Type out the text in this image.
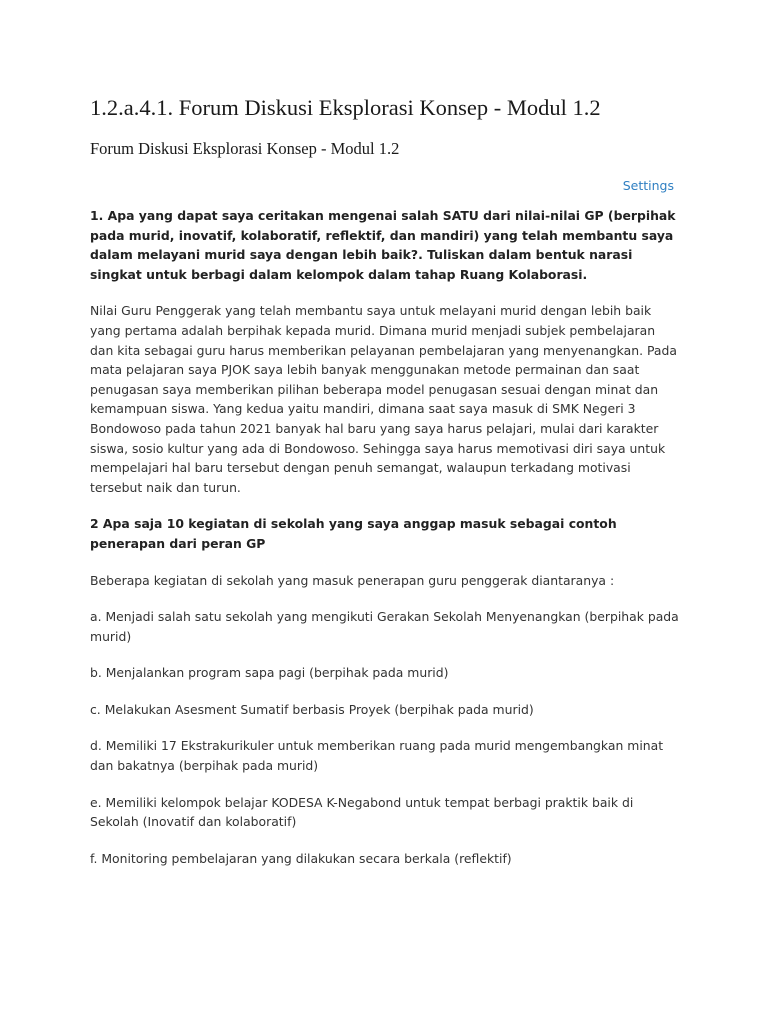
1.2.a.4.1. Forum Diskusi Eksplorasi Konsep - Modul 1.2
Forum Diskusi Eksplorasi Konsep - Modul 1.2
Settings

1. Apa yang dapat saya ceritakan mengenai salah SATU dari nilai-nilai GP (berpihak pada murid, inovatif, kolaboratif, reflektif, dan mandiri) yang telah membantu saya dalam melayani murid saya dengan lebih baik?. Tuliskan dalam bentuk narasi singkat untuk berbagi dalam kelompok dalam tahap Ruang Kolaborasi.

Nilai Guru Penggerak yang telah membantu saya untuk melayani murid dengan lebih baik yang pertama adalah berpihak kepada murid. Dimana murid menjadi subjek pembelajaran dan kita sebagai guru harus memberikan pelayanan pembelajaran yang menyenangkan. Pada mata pelajaran saya PJOK saya lebih banyak menggunakan metode permainan dan saat penugasan saya memberikan pilihan beberapa model penugasan sesuai dengan minat dan kemampuan siswa. Yang kedua yaitu mandiri, dimana saat saya masuk di SMK Negeri 3 Bondowoso pada tahun 2021 banyak hal baru yang saya harus pelajari, mulai dari karakter siswa, sosio kultur yang ada di Bondowoso. Sehingga saya harus memotivasi diri saya untuk mempelajari hal baru tersebut dengan penuh semangat, walaupun terkadang motivasi tersebut naik dan turun.

2 Apa saja 10 kegiatan di sekolah yang saya anggap masuk sebagai contoh penerapan dari peran GP

Beberapa kegiatan di sekolah yang masuk penerapan guru penggerak diantaranya :

a. Menjadi salah satu sekolah yang mengikuti Gerakan Sekolah Menyenangkan (berpihak pada murid)

b. Menjalankan program sapa pagi (berpihak pada murid)

c. Melakukan Asesment Sumatif berbasis Proyek (berpihak pada murid)

d. Memiliki 17 Ekstrakurikuler untuk memberikan ruang pada murid mengembangkan minat dan bakatnya (berpihak pada murid)

e. Memiliki kelompok belajar KODESA K-Negabond untuk tempat berbagi praktik baik di Sekolah (Inovatif dan kolaboratif)

f. Monitoring pembelajaran yang dilakukan secara berkala (reflektif)
